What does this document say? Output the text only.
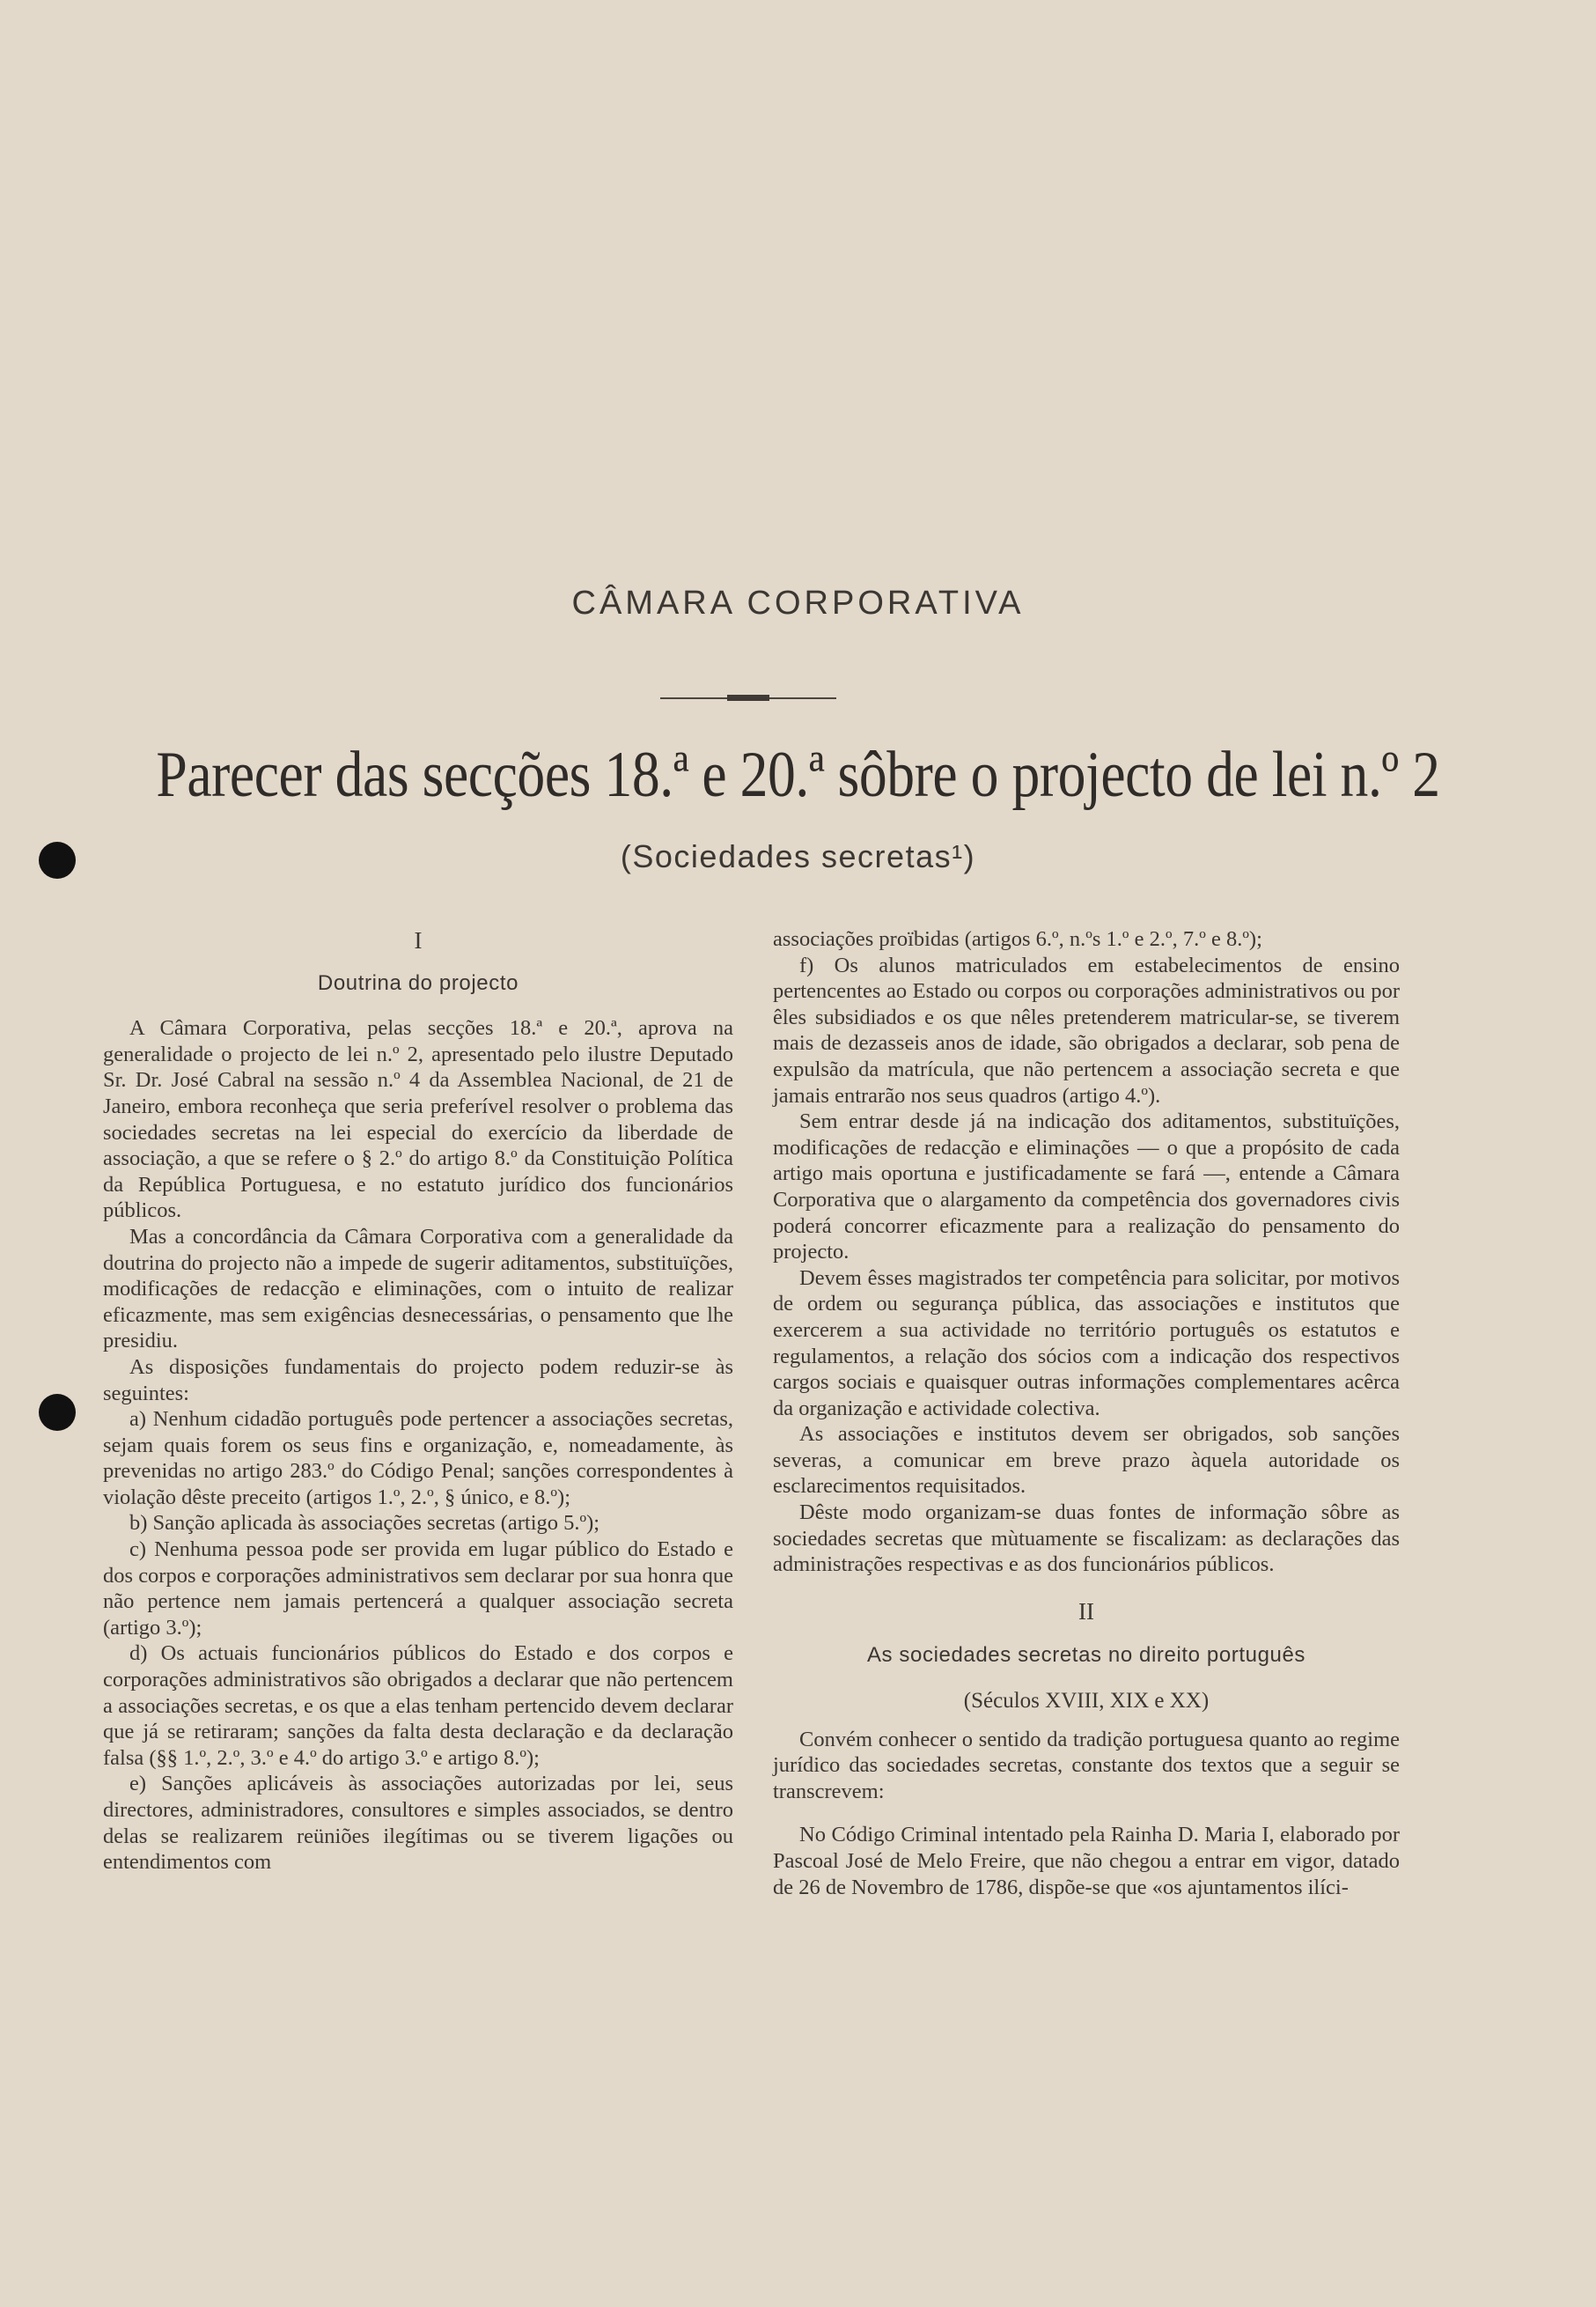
CÂMARA CORPORATIVA
Parecer das secções 18.ª e 20.ª sôbre o projecto de lei n.º 2
(Sociedades secretas¹)
I
Doutrina do projecto

A Câmara Corporativa, pelas secções 18.ª e 20.ª, aprova na generalidade o projecto de lei n.º 2, apresentado pelo ilustre Deputado Sr. Dr. José Cabral na sessão n.º 4 da Assemblea Nacional, de 21 de Janeiro, embora reconheça que seria preferível resolver o problema das sociedades secretas na lei especial do exercício da liberdade de associação, a que se refere o § 2.º do artigo 8.º da Constituição Política da República Portuguesa, e no estatuto jurídico dos funcionários públicos.

Mas a concordância da Câmara Corporativa com a generalidade da doutrina do projecto não a impede de sugerir aditamentos, substituïções, modificações de redacção e eliminações, com o intuito de realizar eficazmente, mas sem exigências desnecessárias, o pensamento que lhe presidiu.

As disposições fundamentais do projecto podem reduzir-se às seguintes:

a) Nenhum cidadão português pode pertencer a associações secretas, sejam quais forem os seus fins e organização, e, nomeadamente, às prevenidas no artigo 283.º do Código Penal; sanções correspondentes à violação dêste preceito (artigos 1.º, 2.º, § único, e 8.º);

b) Sanção aplicada às associações secretas (artigo 5.º);

c) Nenhuma pessoa pode ser provida em lugar público do Estado e dos corpos e corporações administrativos sem declarar por sua honra que não pertence nem jamais pertencerá a qualquer associação secreta (artigo 3.º);

d) Os actuais funcionários públicos do Estado e dos corpos e corporações administrativos são obrigados a declarar que não pertencem a associações secretas, e os que a elas tenham pertencido devem declarar que já se retiraram; sanções da falta desta declaração e da declaração falsa (§§ 1.º, 2.º, 3.º e 4.º do artigo 3.º e artigo 8.º);

e) Sanções aplicáveis às associações autorizadas por lei, seus directores, administradores, consultores e simples associados, se dentro delas se realizarem reüniões ilegítimas ou se tiverem ligações ou entendimentos com

associações proïbidas (artigos 6.º, n.ºs 1.º e 2.º, 7.º e 8.º);

f) Os alunos matriculados em estabelecimentos de ensino pertencentes ao Estado ou corpos ou corporações administrativos ou por êles subsidiados e os que nêles pretenderem matricular-se, se tiverem mais de dezasseis anos de idade, são obrigados a declarar, sob pena de expulsão da matrícula, que não pertencem a associação secreta e que jamais entrarão nos seus quadros (artigo 4.º).

Sem entrar desde já na indicação dos aditamentos, substituïções, modificações de redacção e eliminações — o que a propósito de cada artigo mais oportuna e justificadamente se fará —, entende a Câmara Corporativa que o alargamento da competência dos governadores civis poderá concorrer eficazmente para a realização do pensamento do projecto.

Devem êsses magistrados ter competência para solicitar, por motivos de ordem ou segurança pública, das associações e institutos que exercerem a sua actividade no território português os estatutos e regulamentos, a relação dos sócios com a indicação dos respectivos cargos sociais e quaisquer outras informações complementares acêrca da organização e actividade colectiva.

As associações e institutos devem ser obrigados, sob sanções severas, a comunicar em breve prazo àquela autoridade os esclarecimentos requisitados.

Dêste modo organizam-se duas fontes de informação sôbre as sociedades secretas que mùtuamente se fiscalizam: as declarações das administrações respectivas e as dos funcionários públicos.

II
As sociedades secretas no direito português
(Séculos XVIII, XIX e XX)

Convém conhecer o sentido da tradição portuguesa quanto ao regime jurídico das sociedades secretas, constante dos textos que a seguir se transcrevem:

No Código Criminal intentado pela Rainha D. Maria I, elaborado por Pascoal José de Melo Freire, que não chegou a entrar em vigor, datado de 26 de Novembro de 1786, dispõe-se que «os ajuntamentos ilíci-
